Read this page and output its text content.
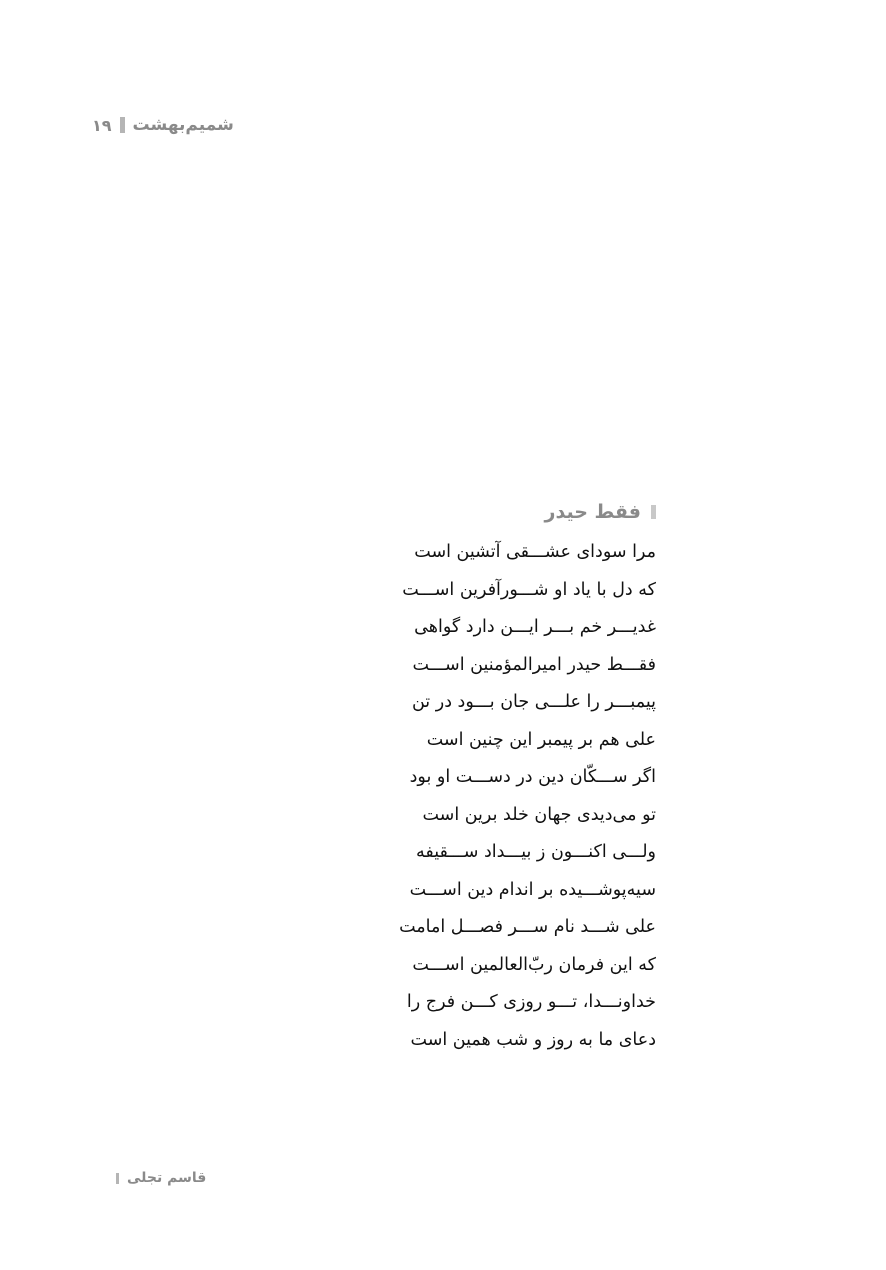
۱۹ شمیم‌بهشت
فقط حیدر
مرا سودای عشـــقی آتشین است
که دل با یاد او شـــورآفرین اســـت
غدیـــر خم بـــر ایـــن دارد گواهی
فقـــط حیدر امیرالمؤمنین اســـت
پیمبـــر را علـــی جان بـــود در تن
علی هم بر پیمبر این چنین است
اگر ســـکّان دین در دســـت او بود
تو می‌دیدی جهان خلد برین است
ولـــی اکنـــون ز بیـــداد ســـقیفه
سیه‌پوشـــیده بر اندام دین اســـت
علی شـــد نام ســـر فصـــل امامت
که این فرمان ربّ‌العالمین اســـت
خداونـــدا، تـــو روزی کـــن فرج را
دعای ما به روز و شب همین است
قاسم تجلی
